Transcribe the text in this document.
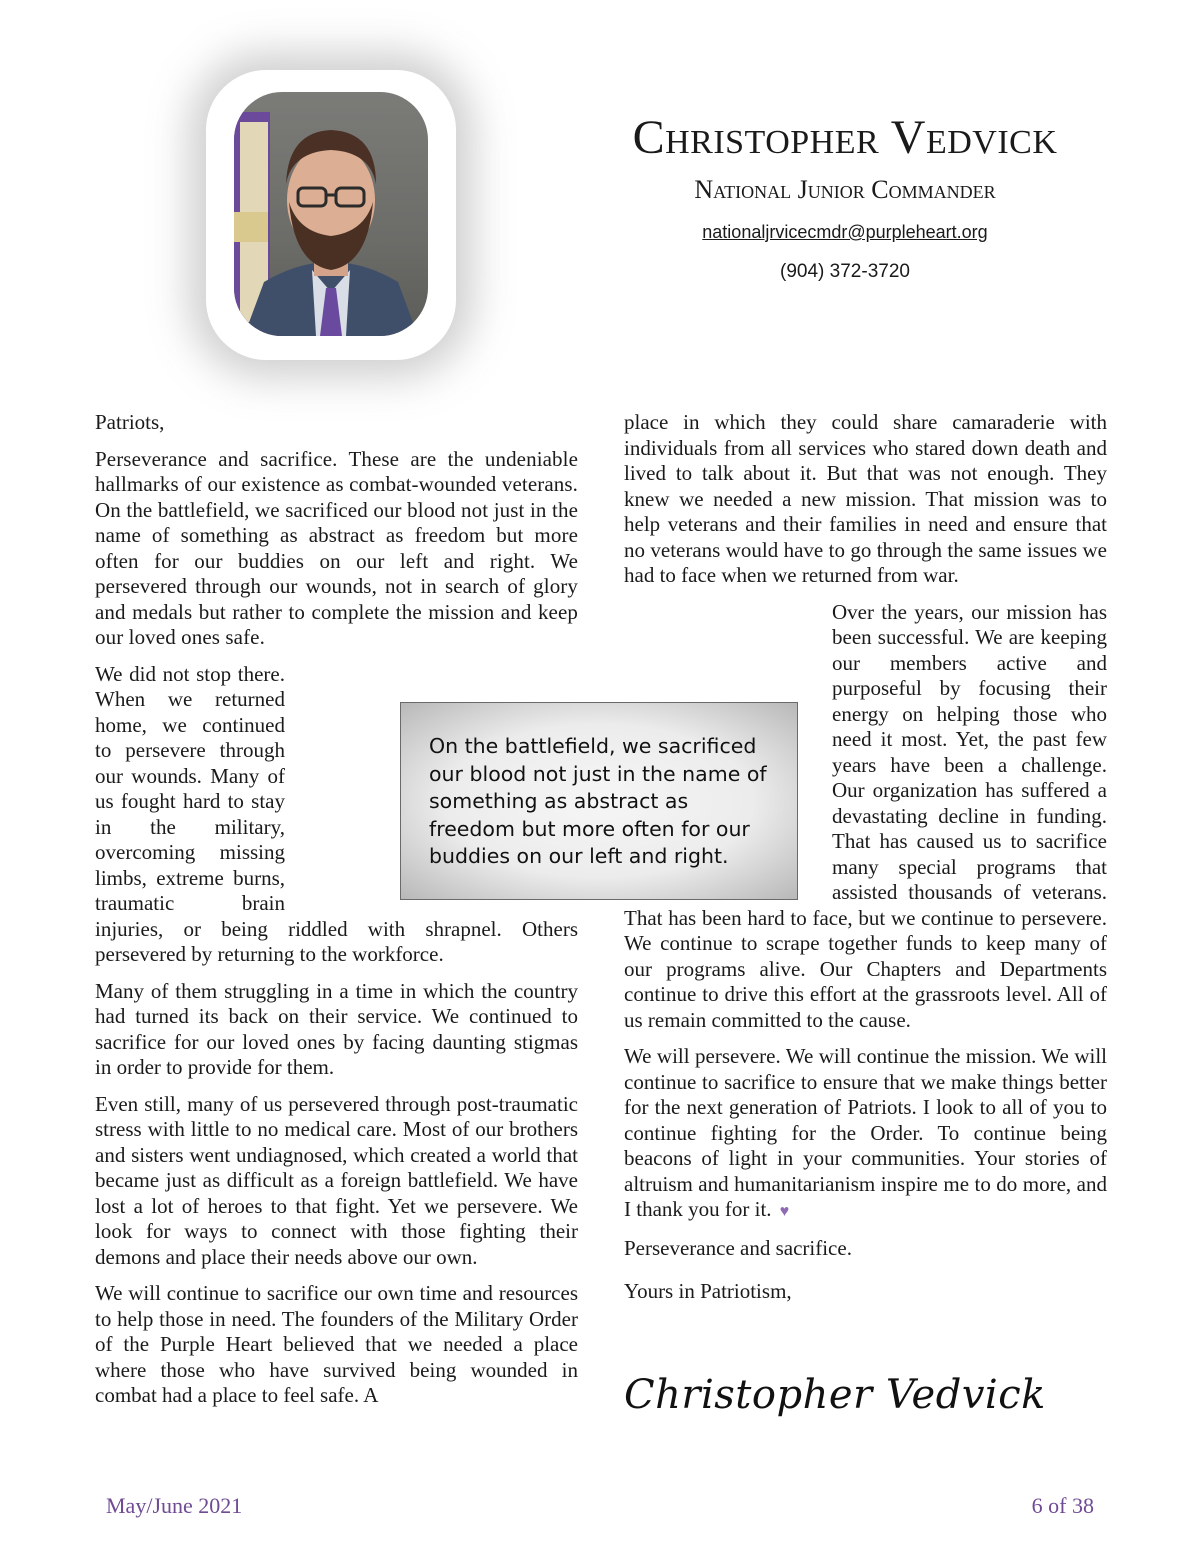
Christopher Vedvick
National Junior Commander
nationaljrvicecmdr@purpleheart.org
(904) 372-3720

Patriots,

Perseverance and sacrifice. These are the undeniable hallmarks of our existence as combat-wounded veterans. On the battlefield, we sacrificed our blood not just in the name of something as abstract as freedom but more often for our buddies on our left and right. We persevered through our wounds, not in search of glory and medals but rather to complete the mission and keep our loved ones safe.

We did not stop there. When we returned home, we continued to persevere through our wounds. Many of us fought hard to stay in the military, overcoming missing limbs, extreme burns, traumatic brain injuries, or being riddled with shrapnel. Others persevered by returning to the workforce.

Many of them struggling in a time in which the country had turned its back on their service. We continued to sacrifice for our loved ones by facing daunting stigmas in order to provide for them.

Even still, many of us persevered through post-traumatic stress with little to no medical care. Most of our brothers and sisters went undiagnosed, which created a world that became just as difficult as a foreign battlefield. We have lost a lot of heroes to that fight. Yet we persevere. We look for ways to connect with those fighting their demons and place their needs above our own.

We will continue to sacrifice our own time and resources to help those in need. The founders of the Military Order of the Purple Heart believed that we needed a place where those who have survived being wounded in combat had a place to feel safe. A

place in which they could share camaraderie with individuals from all services who stared down death and lived to talk about it. But that was not enough. They knew we needed a new mission. That mission was to help veterans and their families in need and ensure that no veterans would have to go through the same issues we had to face when we returned from war.

Over the years, our mission has been successful. We are keeping our members active and purposeful by focusing their energy on helping those who need it most. Yet, the past few years have been a challenge. Our organization has suffered a devastating decline in funding. That has caused us to sacrifice many special programs that assisted thousands of veterans. That has been hard to face, but we continue to persevere. We continue to scrape together funds to keep many of our programs alive. Our Chapters and Departments continue to drive this effort at the grassroots level. All of us remain committed to the cause.

We will persevere. We will continue the mission. We will continue to sacrifice to ensure that we make things better for the next generation of Patriots. I look to all of you to continue fighting for the Order. To continue being beacons of light in your communities. Your stories of altruism and humanitarianism inspire me to do more, and I thank you for it. ♥

Perseverance and sacrifice.

Yours in Patriotism,

On the battlefield, we sacrificed our blood not just in the name of something as abstract as freedom but more often for our buddies on our left and right.
Christopher Vedvick
May/June 2021	6 of 38
